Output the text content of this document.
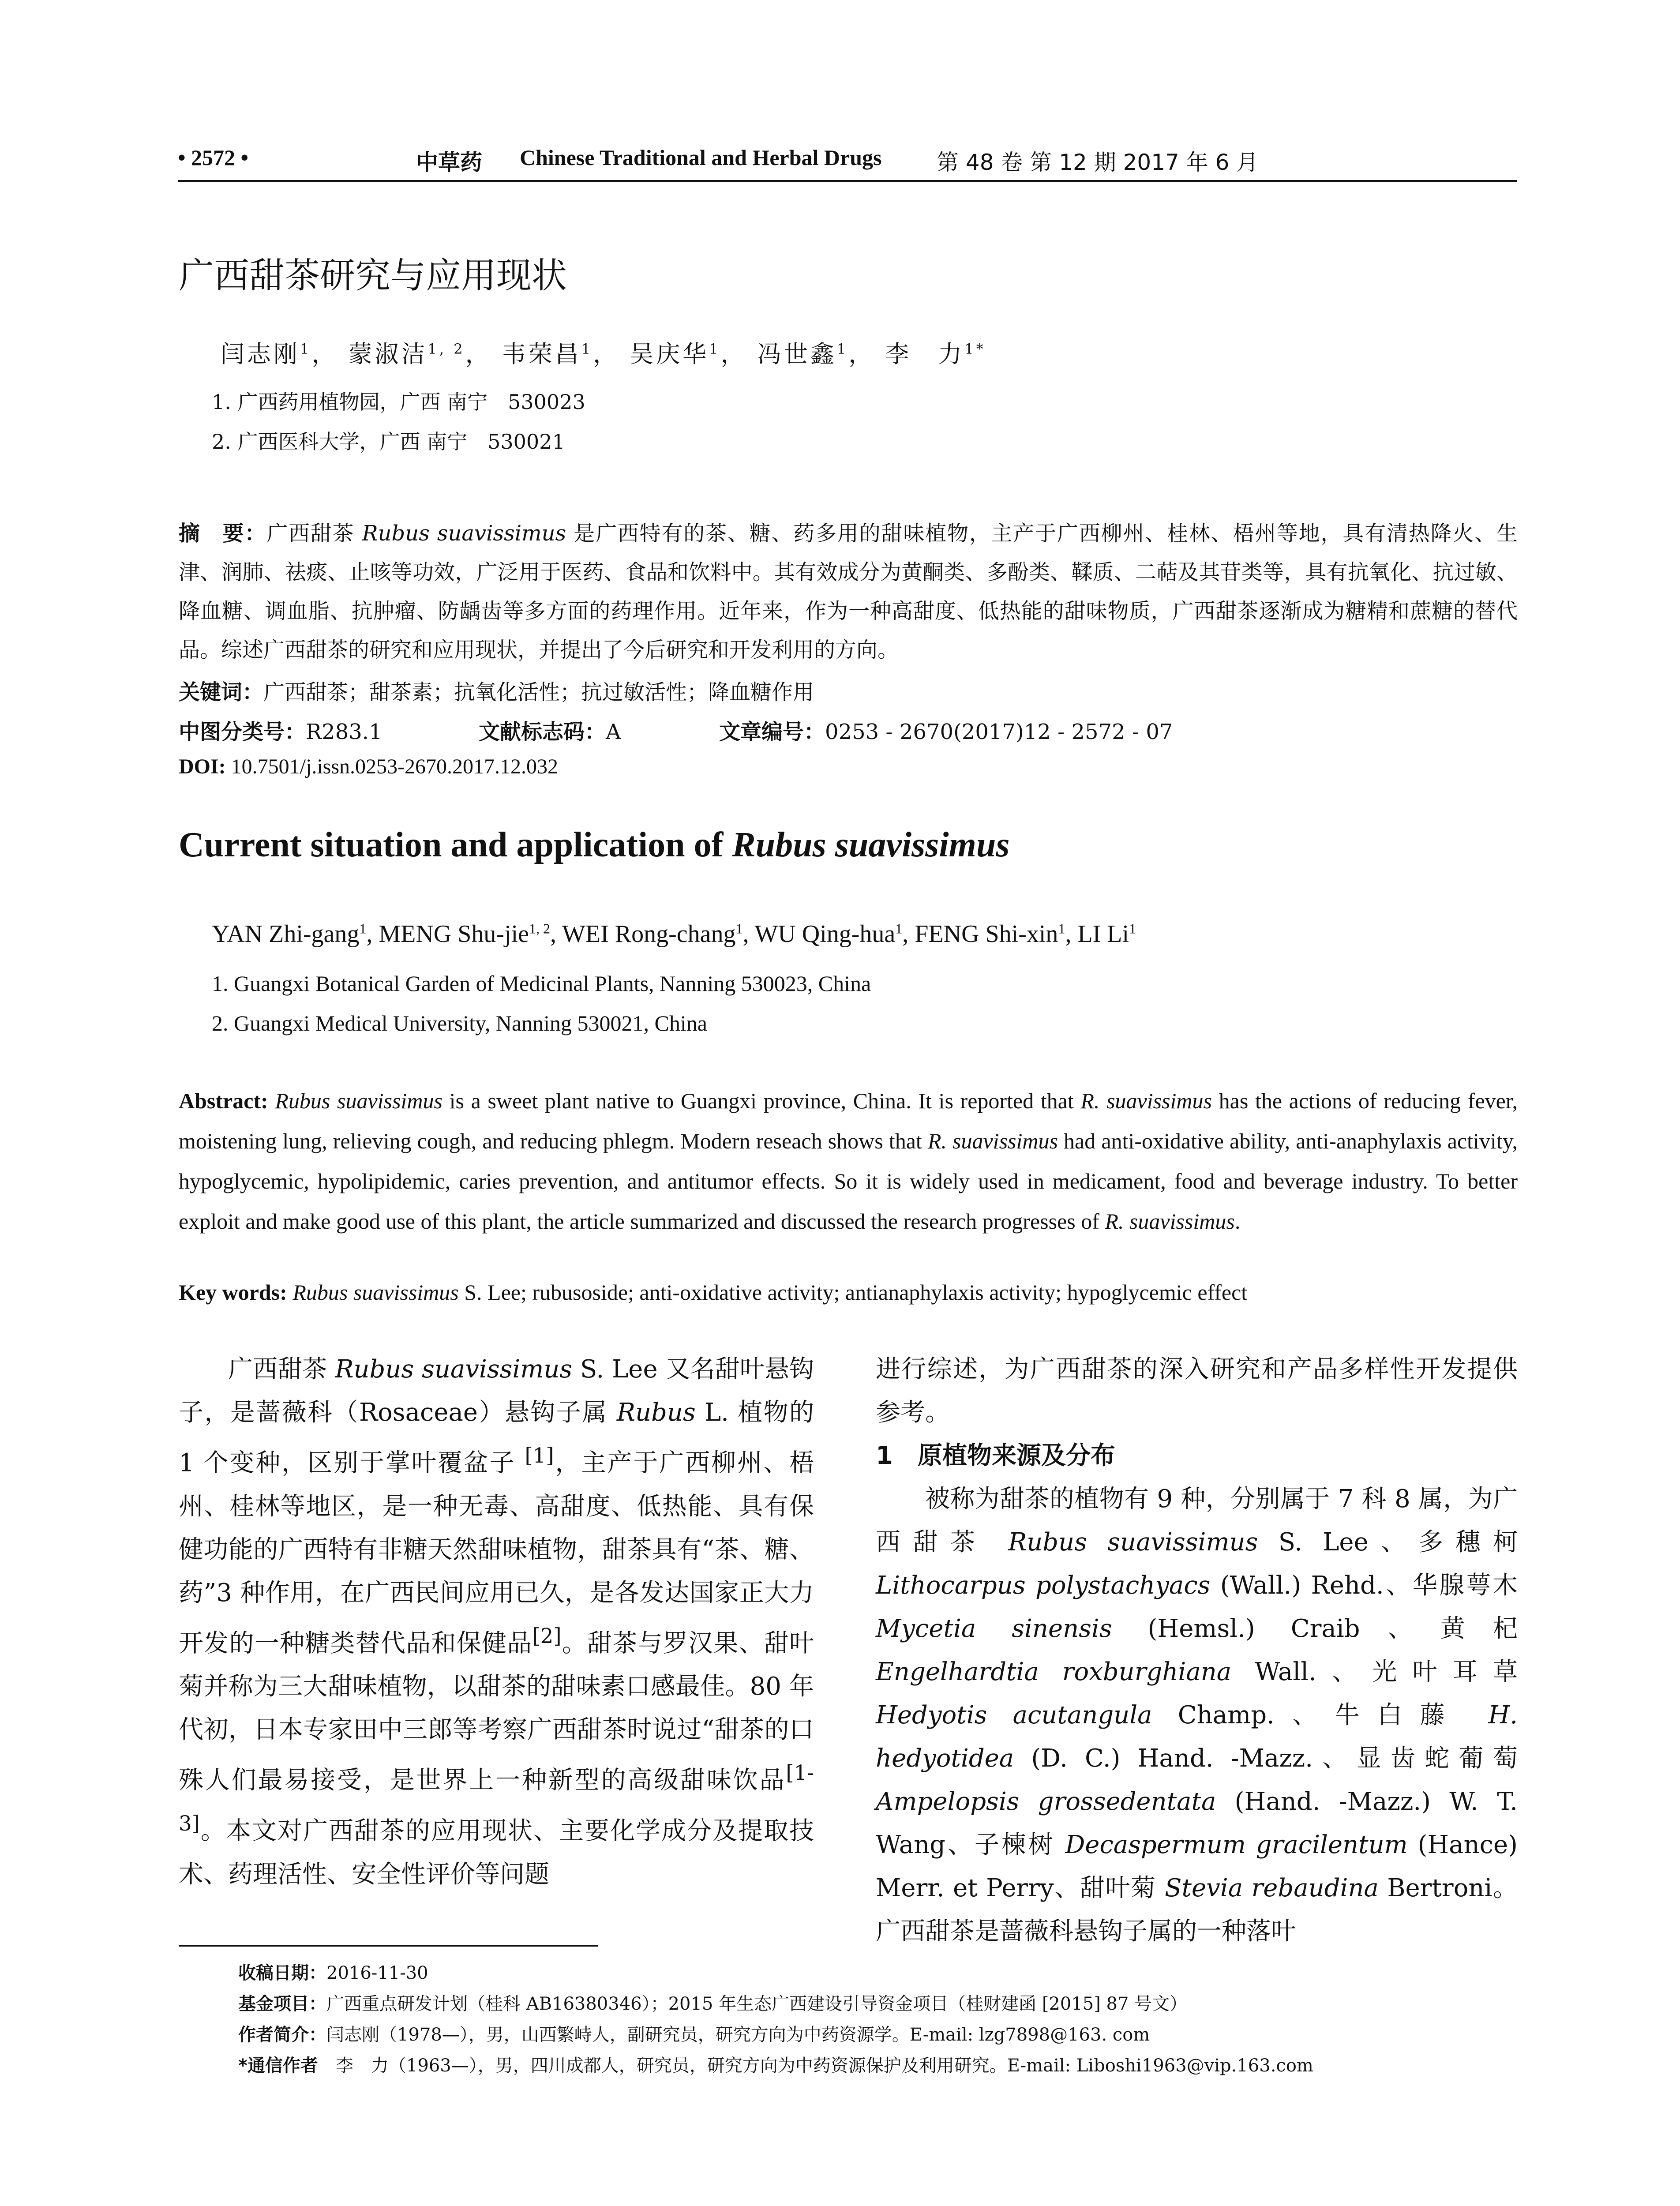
• 2572 •	中草药 Chinese Traditional and Herbal Drugs 第 48 卷 第 12 期 2017 年 6 月
广西甜茶研究与应用现状
闫志刚$^1$， 蒙淑洁$^{1, 2}$， 韦荣昌$^1$， 吴庆华$^1$， 冯世鑫$^1$， 李　力$^{1*}$
1. 广西药用植物园，广西 南宁　530023
2. 广西医科大学，广西 南宁　530021
摘　要：广西甜茶 Rubus suavissimus 是广西特有的茶、糖、药多用的甜味植物，主产于广西柳州、桂林、梧州等地，具有清热降火、生津、润肺、祛痰、止咳等功效，广泛用于医药、食品和饮料中。其有效成分为黄酮类、多酚类、鞣质、二萜及其苷类等，具有抗氧化、抗过敏、降血糖、调血脂、抗肿瘤、防龋齿等多方面的药理作用。近年来，作为一种高甜度、低热能的甜味物质，广西甜茶逐渐成为糖精和蔗糖的替代品。综述广西甜茶的研究和应用现状，并提出了今后研究和开发利用的方向。
关键词：广西甜茶；甜茶素；抗氧化活性；抗过敏活性；降血糖作用
中图分类号：R283.1	文献标志码：A	文章编号：0253 - 2670(2017)12 - 2572 - 07
DOI: 10.7501/j.issn.0253-2670.2017.12.032
Current situation and application of Rubus suavissimus
YAN Zhi-gang$^1$, MENG Shu-jie$^{1, 2}$, WEI Rong-chang$^1$, WU Qing-hua$^1$, FENG Shi-xin$^1$, LI Li$^1$
1. Guangxi Botanical Garden of Medicinal Plants, Nanning 530023, China
2. Guangxi Medical University, Nanning 530021, China
Abstract: Rubus suavissimus is a sweet plant native to Guangxi province, China. It is reported that R. suavissimus has the actions of reducing fever, moistening lung, relieving cough, and reducing phlegm. Modern reseach shows that R. suavissimus had anti-oxidative ability, anti-anaphylaxis activity, hypoglycemic, hypolipidemic, caries prevention, and antitumor effects. So it is widely used in medicament, food and beverage industry. To better exploit and make good use of this plant, the article summarized and discussed the research progresses of R. suavissimus.
Key words: Rubus suavissimus S. Lee; rubusoside; anti-oxidative activity; antianaphylaxis activity; hypoglycemic effect
广西甜茶 Rubus suavissimus S. Lee 又名甜叶悬钩子，是蔷薇科（Rosaceae）悬钩子属 Rubus L. 植物的 1 个变种，区别于掌叶覆盆子 [1]，主产于广西柳州、梧州、桂林等地区，是一种无毒、高甜度、低热能、具有保健功能的广西特有非糖天然甜味植物，甜茶具有“茶、糖、药”3 种作用，在广西民间应用已久，是各发达国家正大力开发的一种糖类替代品和保健品[2]。甜茶与罗汉果、甜叶菊并称为三大甜味植物，以甜茶的甜味素口感最佳。80 年代初，日本专家田中三郎等考察广西甜茶时说过“甜茶的口殊人们最易接受，是世界上一种新型的高级甜味饮品[1-3]。本文对广西甜茶的应用现状、主要化学成分及提取技术、药理活性、安全性评价等问题
进行综述，为广西甜茶的深入研究和产品多样性开发提供参考。
1　原植物来源及分布
被称为甜茶的植物有 9 种，分别属于 7 科 8 属，为广西甜茶 Rubus suavissimus S. Lee、多穗柯 Lithocarpus polystachyacs (Wall.) Rehd.、华腺萼木 Mycetia sinensis (Hemsl.) Craib、黄杞 Engelhardtia roxburghiana Wall.、光叶耳草 Hedyotis acutangula Champ.、牛白藤 H. hedyotidea (D. C.) Hand. -Mazz.、显齿蛇葡萄 Ampelopsis grossedentata (Hand. -Mazz.) W. T. Wang、子楝树 Decaspermum gracilentum (Hance) Merr. et Perry、甜叶菊 Stevia rebaudina Bertroni。广西甜茶是蔷薇科悬钩子属的一种落叶
收稿日期：2016-11-30
基金项目：广西重点研发计划（桂科 AB16380346）；2015 年生态广西建设引导资金项目（桂财建函 [2015] 87 号文）
作者简介：闫志刚（1978—），男，山西繁峙人，副研究员，研究方向为中药资源学。E-mail: lzg7898@163. com
*通信作者　李　力（1963—），男，四川成都人，研究员，研究方向为中药资源保护及利用研究。E-mail: Liboshi1963@vip.163.com
